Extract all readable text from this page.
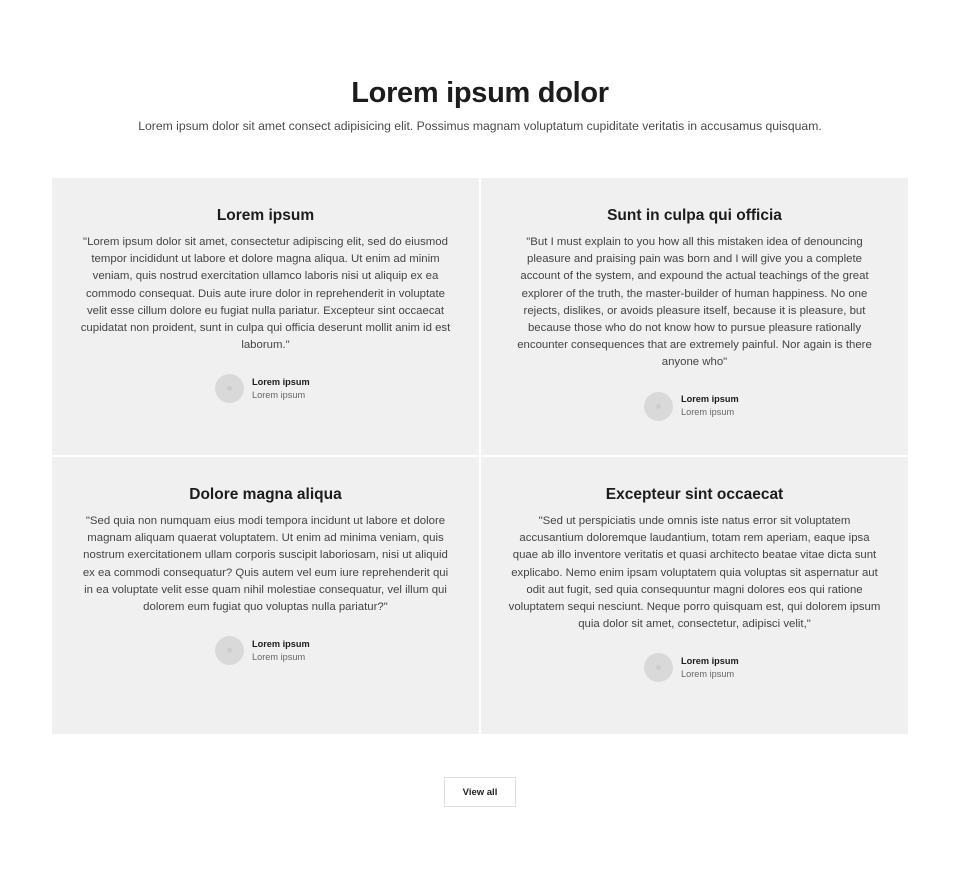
Lorem ipsum dolor

Lorem ipsum dolor sit amet consect adipisicing elit. Possimus magnam voluptatum cupiditate veritatis in accusamus quisquam.

Lorem ipsum

"Lorem ipsum dolor sit amet, consectetur adipiscing elit, sed do eiusmod tempor incididunt ut labore et dolore magna aliqua. Ut enim ad minim veniam, quis nostrud exercitation ullamco laboris nisi ut aliquip ex ea commodo consequat. Duis aute irure dolor in reprehenderit in voluptate velit esse cillum dolore eu fugiat nulla pariatur. Excepteur sint occaecat cupidatat non proident, sunt in culpa qui officia deserunt mollit anim id est laborum."

Lorem ipsum
Lorem ipsum
Sunt in culpa qui officia

"But I must explain to you how all this mistaken idea of denouncing pleasure and praising pain was born and I will give you a complete account of the system, and expound the actual teachings of the great explorer of the truth, the master-builder of human happiness. No one rejects, dislikes, or avoids pleasure itself, because it is pleasure, but because those who do not know how to pursue pleasure rationally encounter consequences that are extremely painful. Nor again is there anyone who"

Lorem ipsum
Lorem ipsum
Dolore magna aliqua

"Sed quia non numquam eius modi tempora incidunt ut labore et dolore magnam aliquam quaerat voluptatem. Ut enim ad minima veniam, quis nostrum exercitationem ullam corporis suscipit laboriosam, nisi ut aliquid ex ea commodi consequatur? Quis autem vel eum iure reprehenderit qui in ea voluptate velit esse quam nihil molestiae consequatur, vel illum qui dolorem eum fugiat quo voluptas nulla pariatur?"

Lorem ipsum
Lorem ipsum
Excepteur sint occaecat

"Sed ut perspiciatis unde omnis iste natus error sit voluptatem accusantium doloremque laudantium, totam rem aperiam, eaque ipsa quae ab illo inventore veritatis et quasi architecto beatae vitae dicta sunt explicabo. Nemo enim ipsam voluptatem quia voluptas sit aspernatur aut odit aut fugit, sed quia consequuntur magni dolores eos qui ratione voluptatem sequi nesciunt. Neque porro quisquam est, qui dolorem ipsum quia dolor sit amet, consectetur, adipisci velit,"

Lorem ipsum
Lorem ipsum
View all
